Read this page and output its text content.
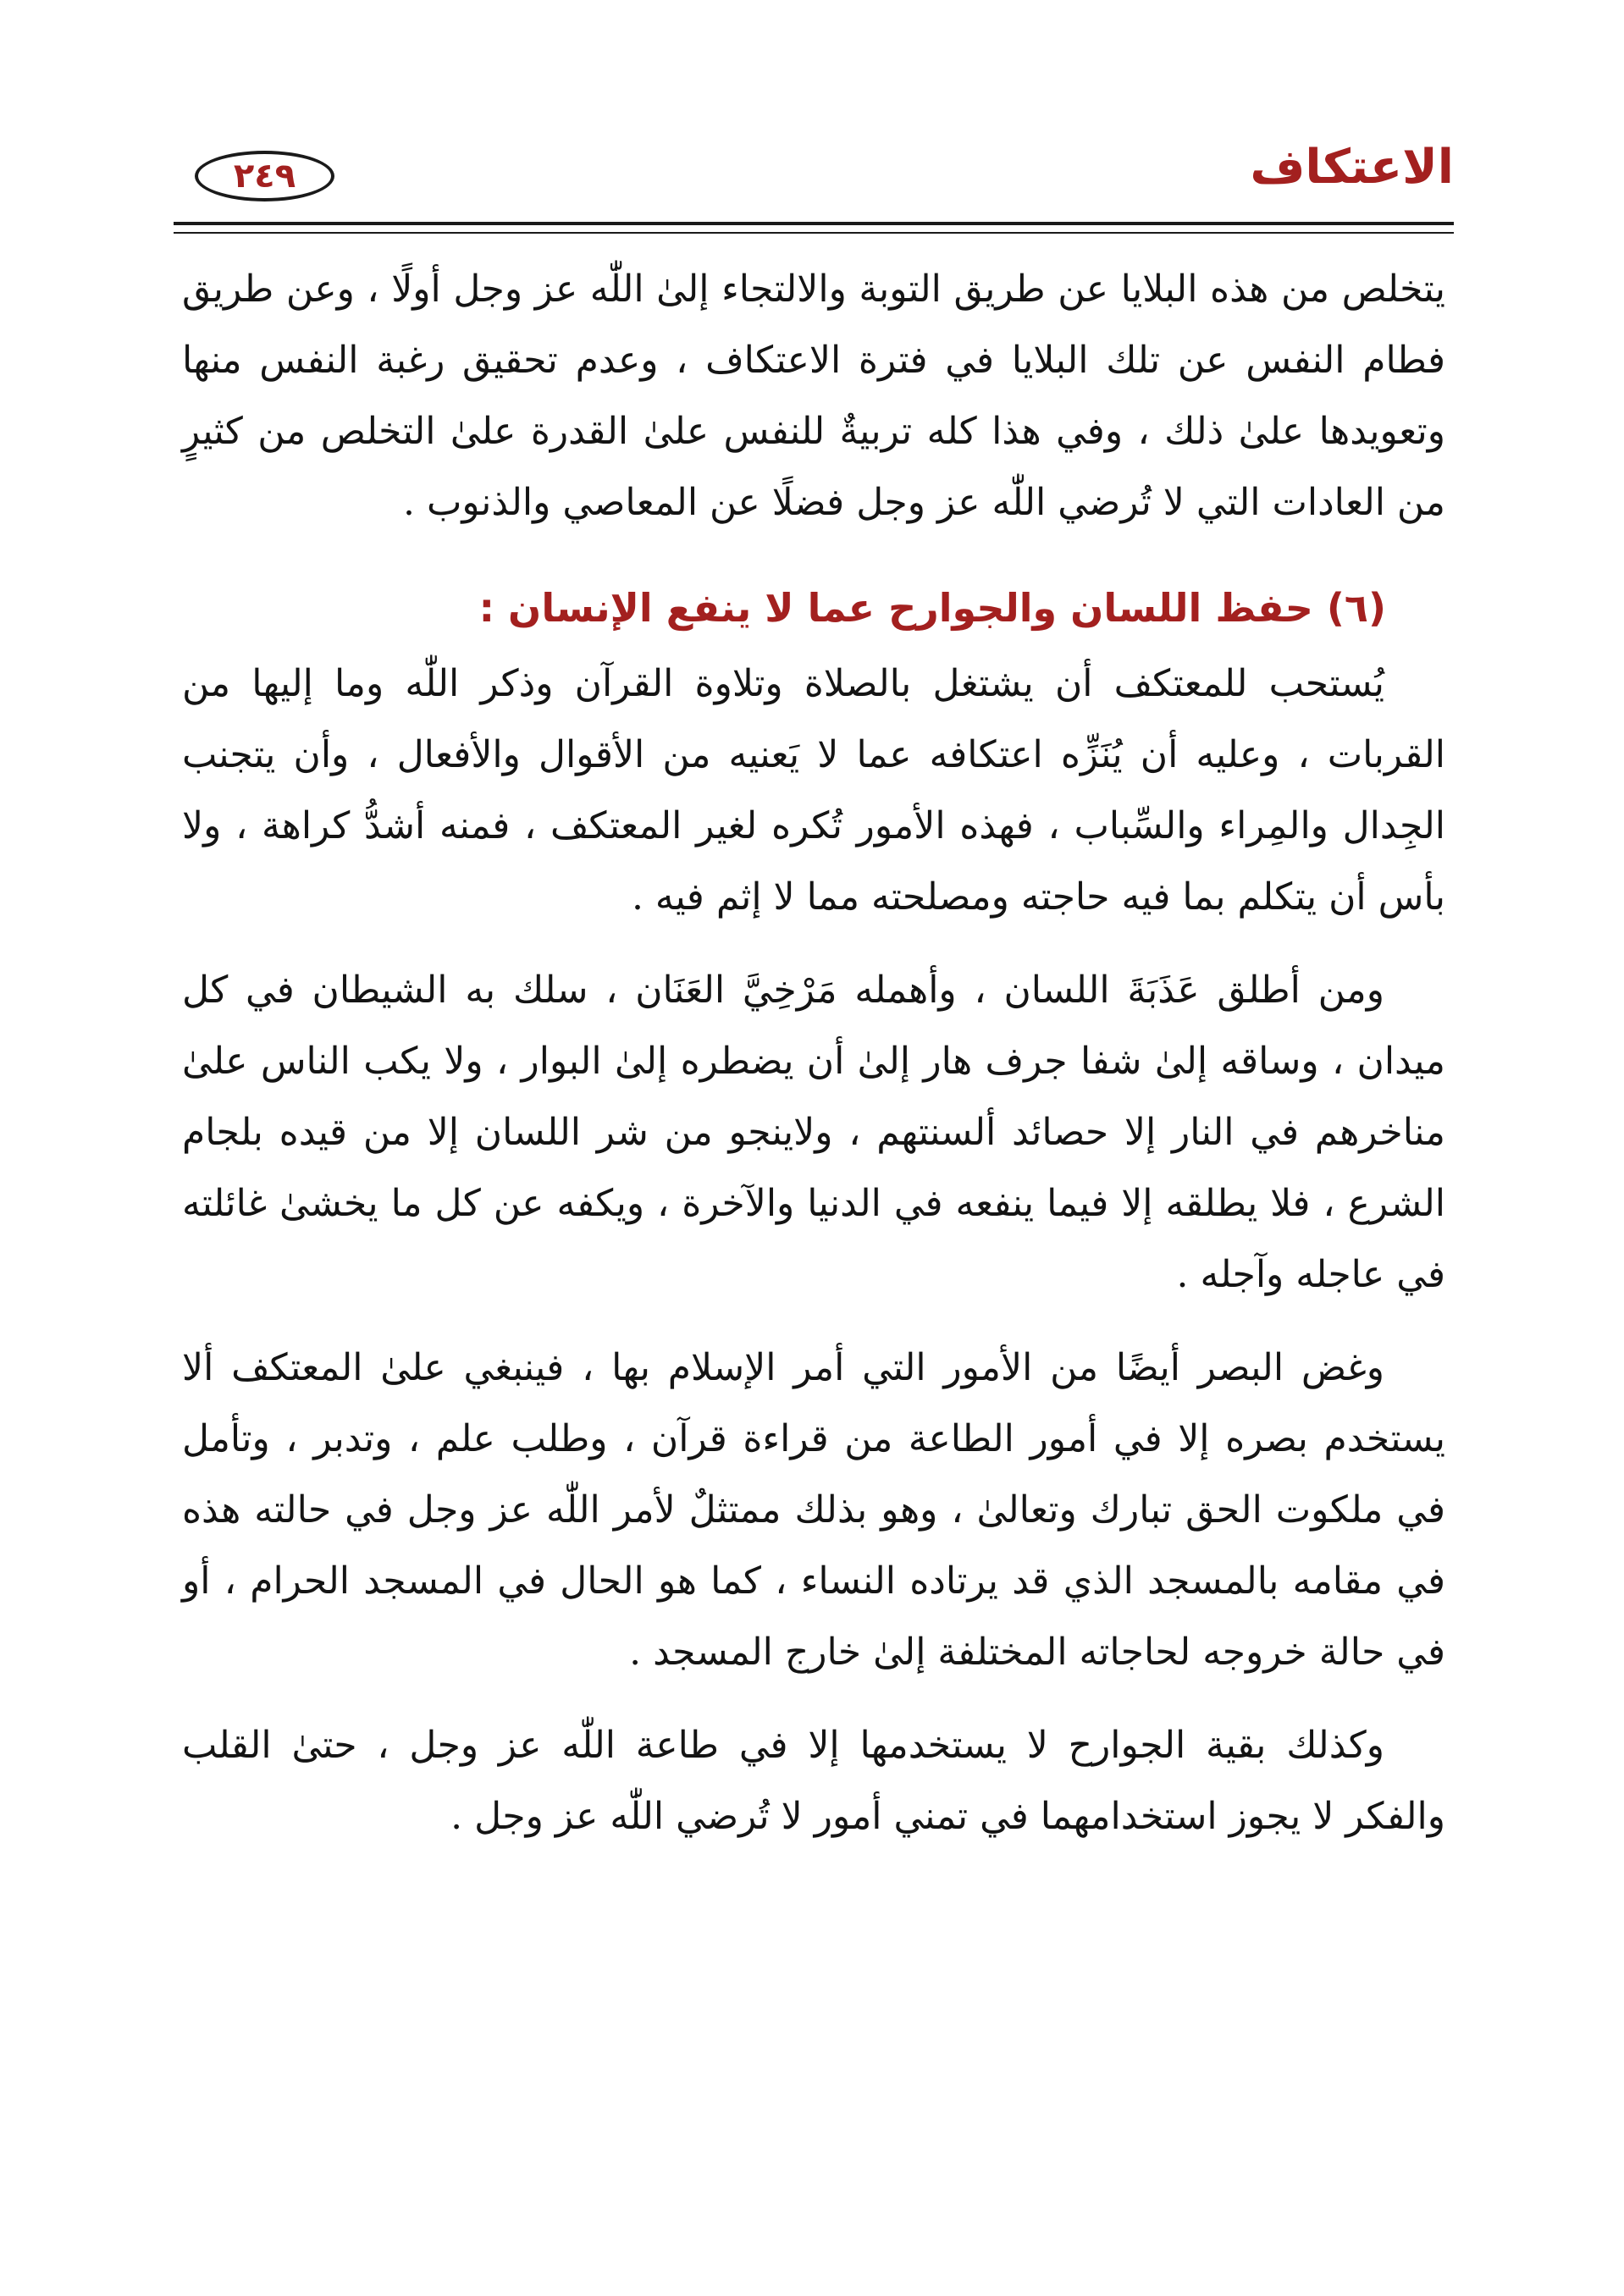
الاعتكاف
٢٤٩

يتخلص من هذه البلايا عن طريق التوبة والالتجاء إلىٰ اللّٰه عز وجل أولًا ، وعن طريق فطام النفس عن تلك البلايا في فترة الاعتكاف ، وعدم تحقيق رغبة النفس منها وتعويدها علىٰ ذلك ، وفي هذا كله تربيةٌ للنفس علىٰ القدرة علىٰ التخلص من كثيرٍ من العادات التي لا تُرضي اللّٰه عز وجل فضلًا عن المعاصي والذنوب .

(٦) حفظ اللسان والجوارح عما لا ينفع الإنسان :

يُستحب للمعتكف أن يشتغل بالصلاة وتلاوة القرآن وذكر اللّٰه وما إليها من القربات ، وعليه أن يُنَزِّه اعتكافه عما لا يَعنيه من الأقوال والأفعال ، وأن يتجنب الجِدال والمِراء والسِّباب ، فهذه الأمور تُكره لغير المعتكف ، فمنه أشدُّ كراهة ، ولا بأس أن يتكلم بما فيه حاجته ومصلحته مما لا إثم فيه .

ومن أطلق عَذَبَةَ اللسان ، وأهمله مَرْخِيَّ العَنَان ، سلك به الشيطان في كل ميدان ، وساقه إلىٰ شفا جرف هار إلىٰ أن يضطره إلىٰ البوار ، ولا يكب الناس علىٰ مناخرهم في النار إلا حصائد ألسنتهم ، ولاينجو من شر اللسان إلا من قيده بلجام الشرع ، فلا يطلقه إلا فيما ينفعه في الدنيا والآخرة ، ويكفه عن كل ما يخشىٰ غائلته في عاجله وآجله .

وغض البصر أيضًا من الأمور التي أمر الإسلام بها ، فينبغي علىٰ المعتكف ألا يستخدم بصره إلا في أمور الطاعة من قراءة قرآن ، وطلب علم ، وتدبر ، وتأمل في ملكوت الحق تبارك وتعالىٰ ، وهو بذلك ممتثلٌ لأمر اللّٰه عز وجل في حالته هذه في مقامه بالمسجد الذي قد يرتاده النساء ، كما هو الحال في المسجد الحرام ، أو في حالة خروجه لحاجاته المختلفة إلىٰ خارج المسجد .

وكذلك بقية الجوارح لا يستخدمها إلا في طاعة اللّٰه عز وجل ، حتىٰ القلب والفكر لا يجوز استخدامهما في تمني أمور لا تُرضي اللّٰه عز وجل .
